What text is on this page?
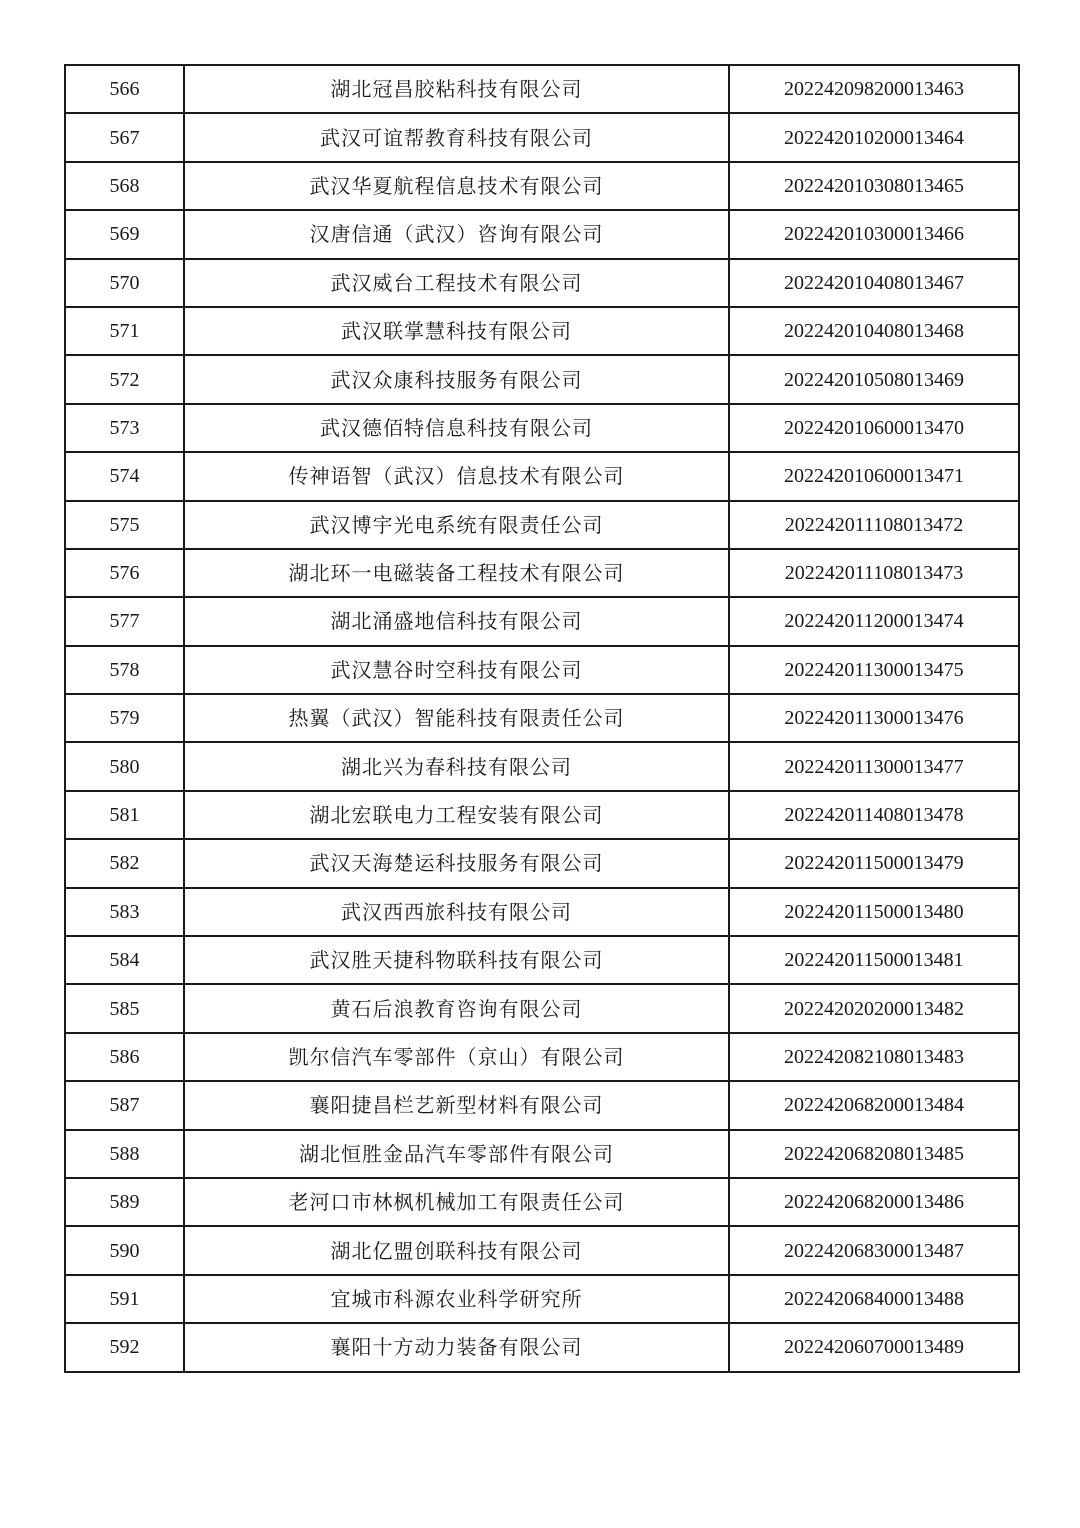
566	湖北冠昌胶粘科技有限公司	202242098200013463
567	武汉可谊帮教育科技有限公司	202242010200013464
568	武汉华夏航程信息技术有限公司	202242010308013465
569	汉唐信通（武汉）咨询有限公司	202242010300013466
570	武汉威台工程技术有限公司	202242010408013467
571	武汉联掌慧科技有限公司	202242010408013468
572	武汉众康科技服务有限公司	202242010508013469
573	武汉德佰特信息科技有限公司	202242010600013470
574	传神语智（武汉）信息技术有限公司	202242010600013471
575	武汉博宇光电系统有限责任公司	202242011108013472
576	湖北环一电磁装备工程技术有限公司	202242011108013473
577	湖北涌盛地信科技有限公司	202242011200013474
578	武汉慧谷时空科技有限公司	202242011300013475
579	热翼（武汉）智能科技有限责任公司	202242011300013476
580	湖北兴为春科技有限公司	202242011300013477
581	湖北宏联电力工程安装有限公司	202242011408013478
582	武汉天海楚运科技服务有限公司	202242011500013479
583	武汉西西旅科技有限公司	202242011500013480
584	武汉胜天捷科物联科技有限公司	202242011500013481
585	黄石后浪教育咨询有限公司	202242020200013482
586	凯尔信汽车零部件（京山）有限公司	202242082108013483
587	襄阳捷昌栏艺新型材料有限公司	202242068200013484
588	湖北恒胜金品汽车零部件有限公司	202242068208013485
589	老河口市林枫机械加工有限责任公司	202242068200013486
590	湖北亿盟创联科技有限公司	202242068300013487
591	宜城市科源农业科学研究所	202242068400013488
592	襄阳十方动力装备有限公司	202242060700013489
